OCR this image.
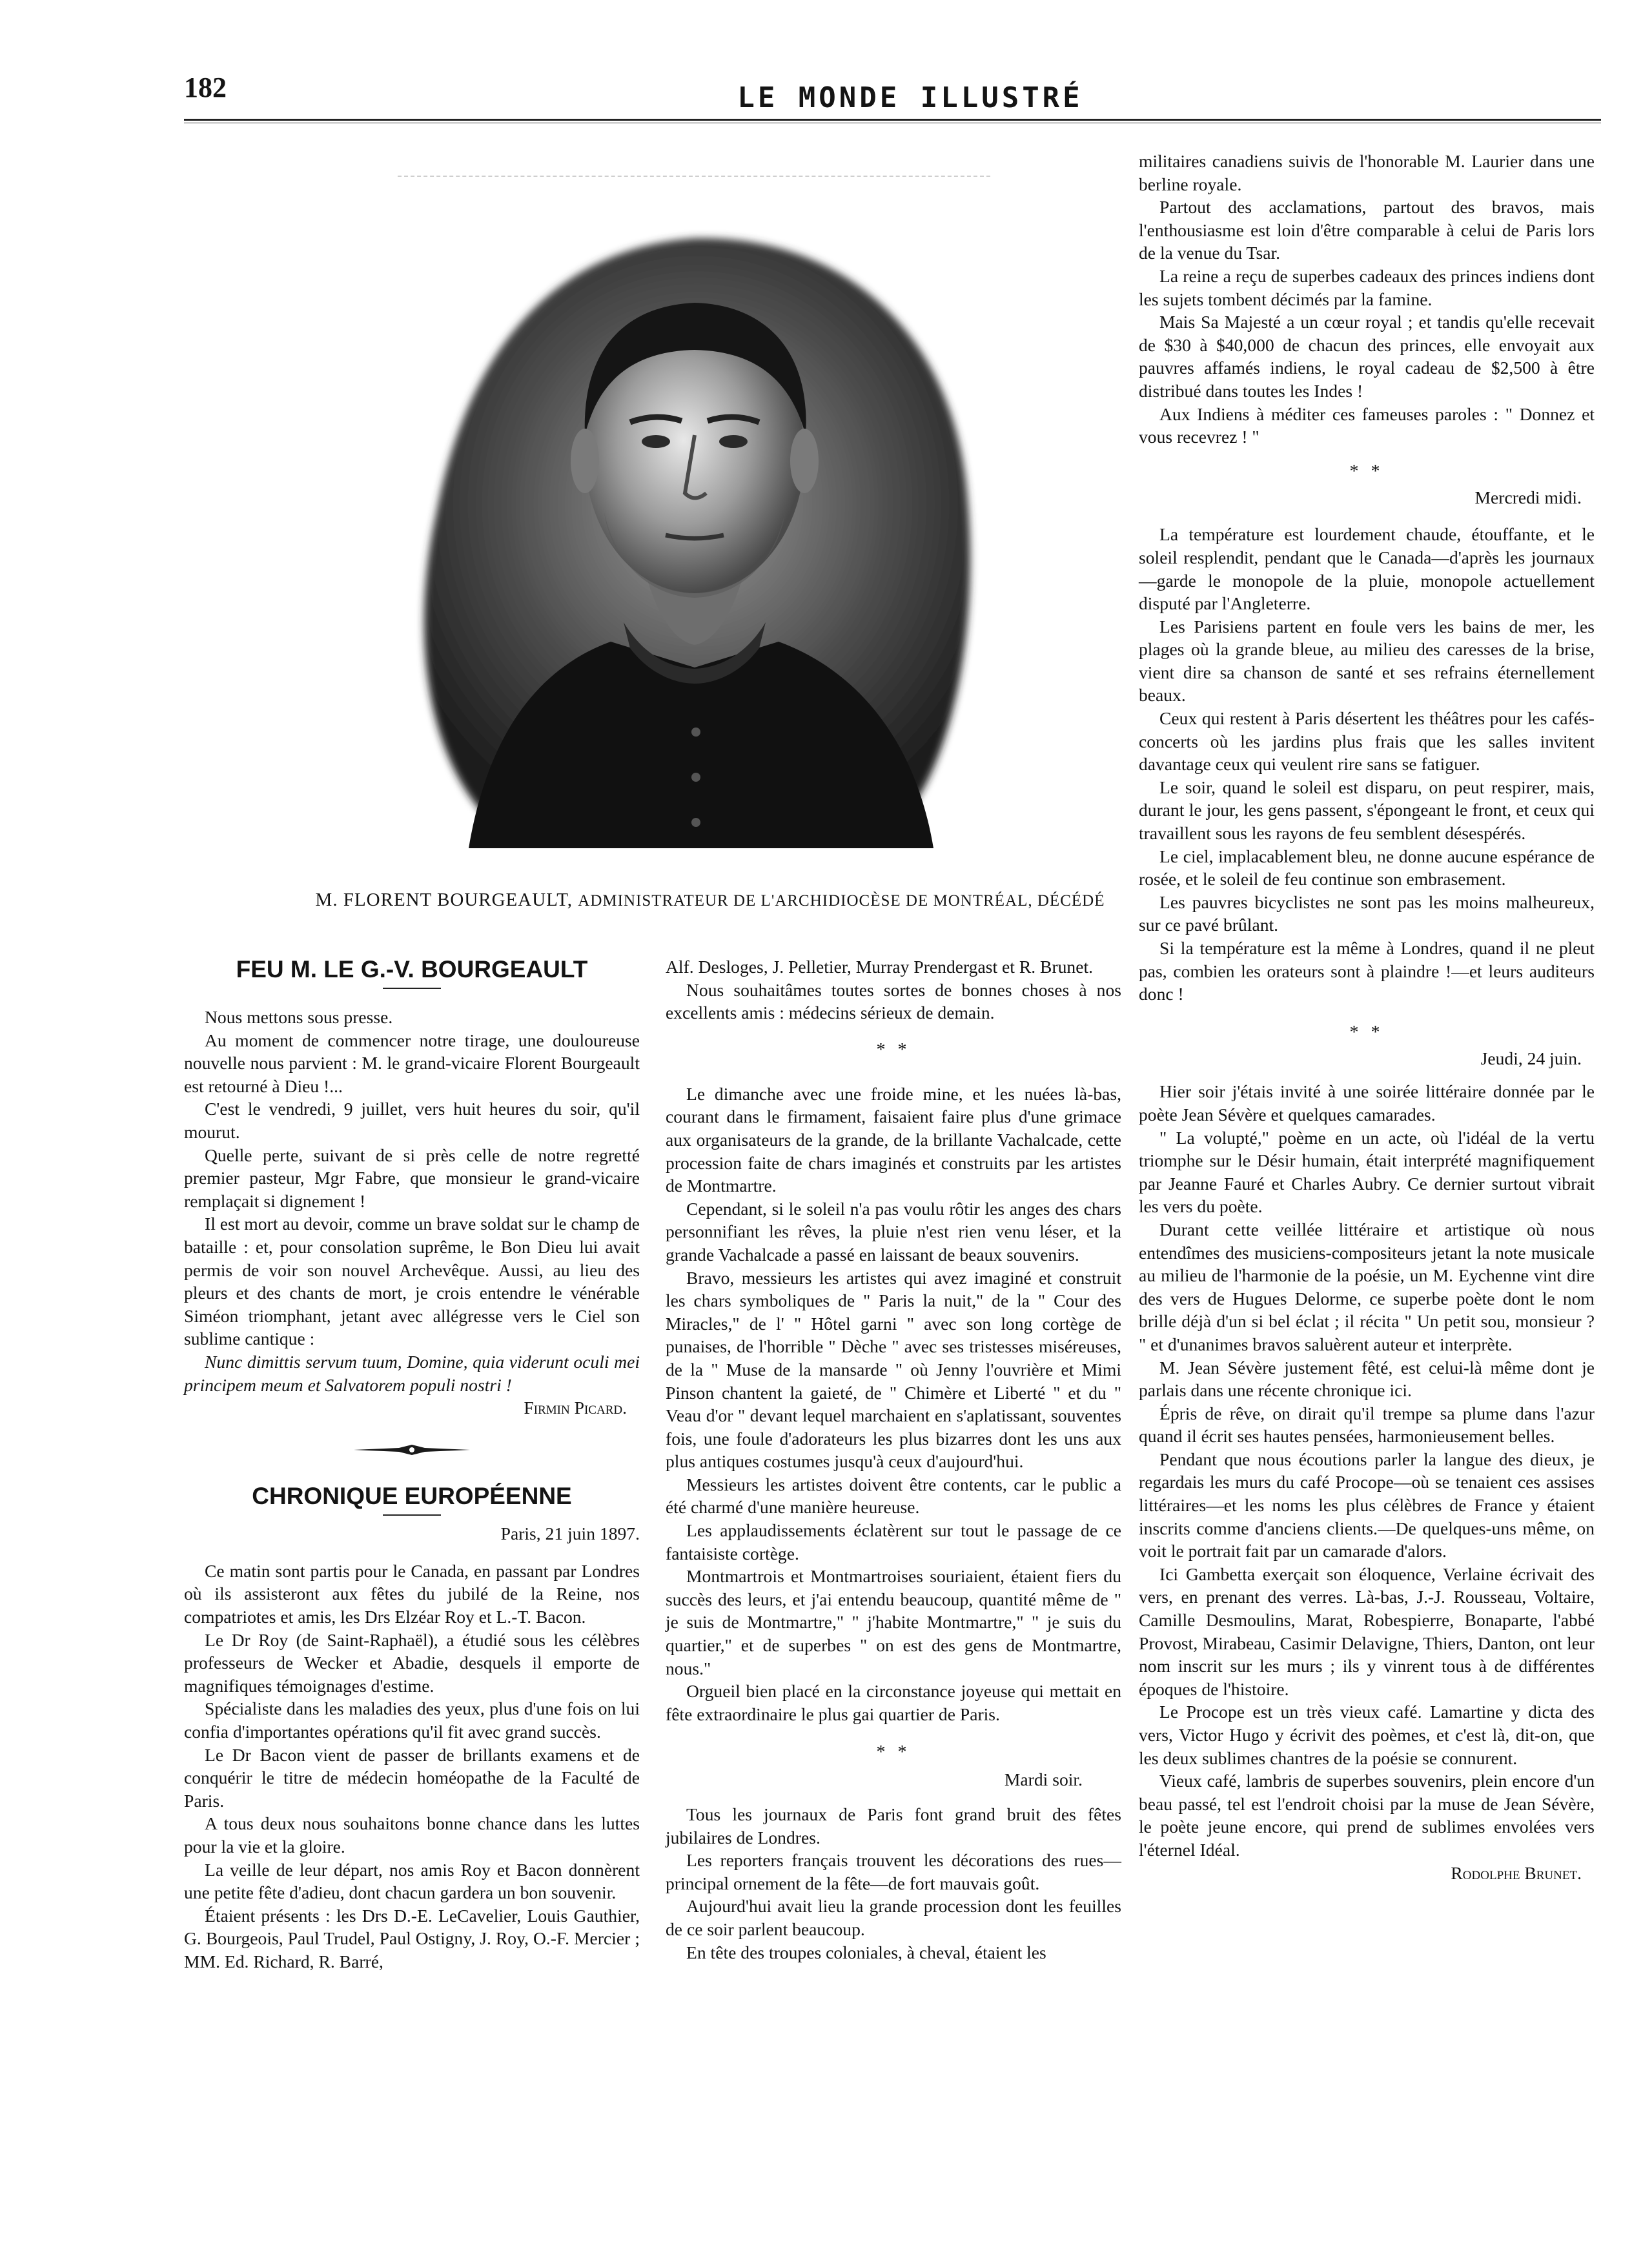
182	LE MONDE ILLUSTRÉ
M. FLORENT BOURGEAULT, ADMINISTRATEUR DE L'ARCHIDIOCÈSE DE MONTRÉAL, DÉCÉDÉ
FEU M. LE G.-V. BOURGEAULT

Nous mettons sous presse.

Au moment de commencer notre tirage, une douloureuse nouvelle nous parvient : M. le grand-vicaire Florent Bourgeault est retourné à Dieu !...

C'est le vendredi, 9 juillet, vers huit heures du soir, qu'il mourut.

Quelle perte, suivant de si près celle de notre regretté premier pasteur, Mgr Fabre, que monsieur le grand-vicaire remplaçait si dignement !

Il est mort au devoir, comme un brave soldat sur le champ de bataille : et, pour consolation suprême, le Bon Dieu lui avait permis de voir son nouvel Archevêque. Aussi, au lieu des pleurs et des chants de mort, je crois entendre le vénérable Siméon triomphant, jetant avec allégresse vers le Ciel son sublime cantique :

Nunc dimittis servum tuum, Domine, quia viderunt oculi mei principem meum et Salvatorem populi nostri !

Firmin Picard.

CHRONIQUE EUROPÉENNE

Paris, 21 juin 1897.

Ce matin sont partis pour le Canada, en passant par Londres où ils assisteront aux fêtes du jubilé de la Reine, nos compatriotes et amis, les Drs Elzéar Roy et L.-T. Bacon.

Le Dr Roy (de Saint-Raphaël), a étudié sous les célèbres professeurs de Wecker et Abadie, desquels il emporte de magnifiques témoignages d'estime.

Spécialiste dans les maladies des yeux, plus d'une fois on lui confia d'importantes opérations qu'il fit avec grand succès.

Le Dr Bacon vient de passer de brillants examens et de conquérir le titre de médecin homéopathe de la Faculté de Paris.

A tous deux nous souhaitons bonne chance dans les luttes pour la vie et la gloire.

La veille de leur départ, nos amis Roy et Bacon donnèrent une petite fête d'adieu, dont chacun gardera un bon souvenir.

Étaient présents : les Drs D.-E. LeCavelier, Louis Gauthier, G. Bourgeois, Paul Trudel, Paul Ostigny, J. Roy, O.-F. Mercier ; MM. Ed. Richard, R. Barré,

Alf. Desloges, J. Pelletier, Murray Prendergast et R. Brunet.

Nous souhaitâmes toutes sortes de bonnes choses à nos excellents amis : médecins sérieux de demain.

* *

Le dimanche avec une froide mine, et les nuées là-bas, courant dans le firmament, faisaient faire plus d'une grimace aux organisateurs de la grande, de la brillante Vachalcade, cette procession faite de chars imaginés et construits par les artistes de Montmartre.

Cependant, si le soleil n'a pas voulu rôtir les anges des chars personnifiant les rêves, la pluie n'est rien venu léser, et la grande Vachalcade a passé en laissant de beaux souvenirs.

Bravo, messieurs les artistes qui avez imaginé et construit les chars symboliques de " Paris la nuit," de la " Cour des Miracles," de l' " Hôtel garni " avec son long cortège de punaises, de l'horrible " Dèche " avec ses tristesses miséreuses, de la " Muse de la mansarde " où Jenny l'ouvrière et Mimi Pinson chantent la gaieté, de " Chimère et Liberté " et du " Veau d'or " devant lequel marchaient en s'aplatissant, souventes fois, une foule d'adorateurs les plus bizarres dont les uns aux plus antiques costumes jusqu'à ceux d'aujourd'hui.

Messieurs les artistes doivent être contents, car le public a été charmé d'une manière heureuse.

Les applaudissements éclatèrent sur tout le passage de ce fantaisiste cortège.

Montmartrois et Montmartroises souriaient, étaient fiers du succès des leurs, et j'ai entendu beaucoup, quantité même de " je suis de Montmartre," " j'habite Montmartre," " je suis du quartier," et de superbes " on est des gens de Montmartre, nous."

Orgueil bien placé en la circonstance joyeuse qui mettait en fête extraordinaire le plus gai quartier de Paris.

* *

Mardi soir.

Tous les journaux de Paris font grand bruit des fêtes jubilaires de Londres.

Les reporters français trouvent les décorations des rues—principal ornement de la fête—de fort mauvais goût.

Aujourd'hui avait lieu la grande procession dont les feuilles de ce soir parlent beaucoup.

En tête des troupes coloniales, à cheval, étaient les

militaires canadiens suivis de l'honorable M. Laurier dans une berline royale.

Partout des acclamations, partout des bravos, mais l'enthousiasme est loin d'être comparable à celui de Paris lors de la venue du Tsar.

La reine a reçu de superbes cadeaux des princes indiens dont les sujets tombent décimés par la famine.

Mais Sa Majesté a un cœur royal ; et tandis qu'elle recevait de $30 à $40,000 de chacun des princes, elle envoyait aux pauvres affamés indiens, le royal cadeau de $2,500 à être distribué dans toutes les Indes !

Aux Indiens à méditer ces fameuses paroles : " Donnez et vous recevrez ! "

* *

Mercredi midi.

La température est lourdement chaude, étouffante, et le soleil resplendit, pendant que le Canada—d'après les journaux—garde le monopole de la pluie, monopole actuellement disputé par l'Angleterre.

Les Parisiens partent en foule vers les bains de mer, les plages où la grande bleue, au milieu des caresses de la brise, vient dire sa chanson de santé et ses refrains éternellement beaux.

Ceux qui restent à Paris désertent les théâtres pour les cafés-concerts où les jardins plus frais que les salles invitent davantage ceux qui veulent rire sans se fatiguer.

Le soir, quand le soleil est disparu, on peut respirer, mais, durant le jour, les gens passent, s'épongeant le front, et ceux qui travaillent sous les rayons de feu semblent désespérés.

Le ciel, implacablement bleu, ne donne aucune espérance de rosée, et le soleil de feu continue son embrasement.

Les pauvres bicyclistes ne sont pas les moins malheureux, sur ce pavé brûlant.

Si la température est la même à Londres, quand il ne pleut pas, combien les orateurs sont à plaindre !—et leurs auditeurs donc !

* *

Jeudi, 24 juin.

Hier soir j'étais invité à une soirée littéraire donnée par le poète Jean Sévère et quelques camarades.

" La volupté," poème en un acte, où l'idéal de la vertu triomphe sur le Désir humain, était interprété magnifiquement par Jeanne Fauré et Charles Aubry. Ce dernier surtout vibrait les vers du poète.

Durant cette veillée littéraire et artistique où nous entendîmes des musiciens-compositeurs jetant la note musicale au milieu de l'harmonie de la poésie, un M. Eychenne vint dire des vers de Hugues Delorme, ce superbe poète dont le nom brille déjà d'un si bel éclat ; il récita " Un petit sou, monsieur ? " et d'unanimes bravos saluèrent auteur et interprète.

M. Jean Sévère justement fêté, est celui-là même dont je parlais dans une récente chronique ici.

Épris de rêve, on dirait qu'il trempe sa plume dans l'azur quand il écrit ses hautes pensées, harmonieusement belles.

Pendant que nous écoutions parler la langue des dieux, je regardais les murs du café Procope—où se tenaient ces assises littéraires—et les noms les plus célèbres de France y étaient inscrits comme d'anciens clients.—De quelques-uns même, on voit le portrait fait par un camarade d'alors.

Ici Gambetta exerçait son éloquence, Verlaine écrivait des vers, en prenant des verres. Là-bas, J.-J. Rousseau, Voltaire, Camille Desmoulins, Marat, Robespierre, Bonaparte, l'abbé Provost, Mirabeau, Casimir Delavigne, Thiers, Danton, ont leur nom inscrit sur les murs ; ils y vinrent tous à de différentes époques de l'histoire.

Le Procope est un très vieux café. Lamartine y dicta des vers, Victor Hugo y écrivit des poèmes, et c'est là, dit-on, que les deux sublimes chantres de la poésie se connurent.

Vieux café, lambris de superbes souvenirs, plein encore d'un beau passé, tel est l'endroit choisi par la muse de Jean Sévère, le poète jeune encore, qui prend de sublimes envolées vers l'éternel Idéal.

Rodolphe Brunet.
